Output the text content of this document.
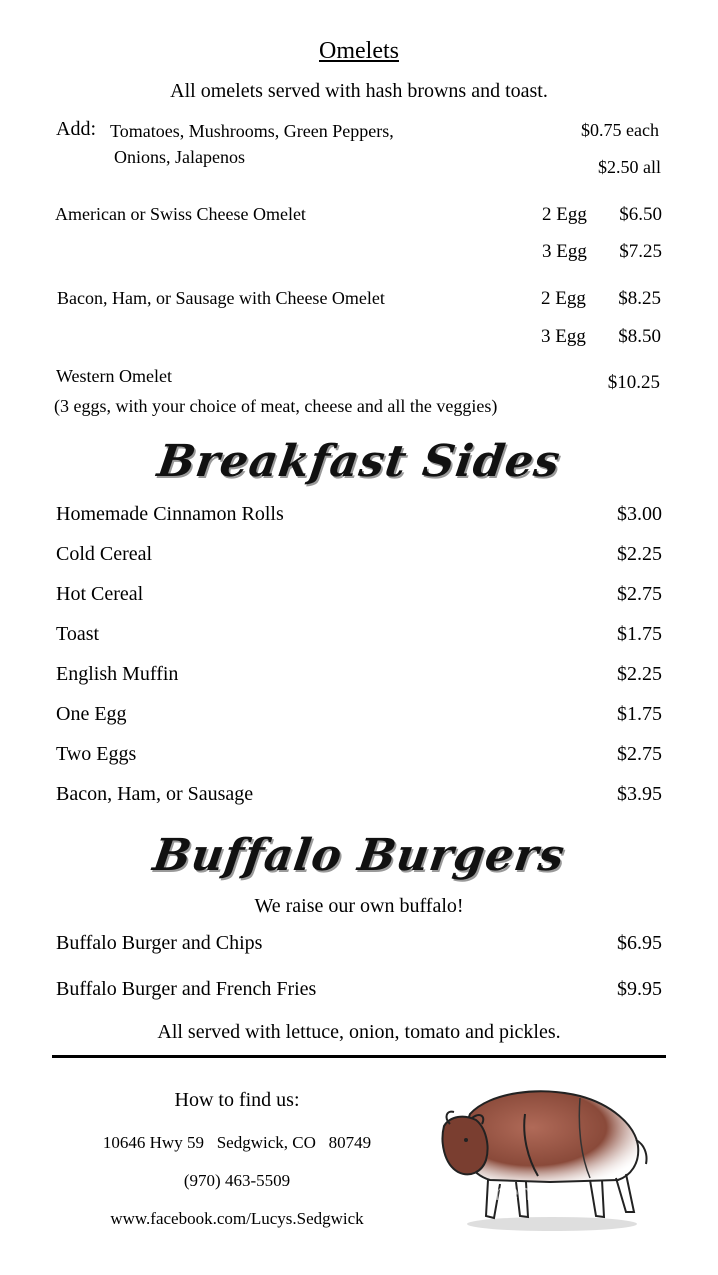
Omelets
All omelets served with hash browns and toast.
Add: Tomatoes, Mushrooms, Green Peppers,
Onions, Jalapenos
$0.75 each
$2.50 all
American or Swiss Cheese Omelet	2 Egg $6.50
3 Egg $7.25
Bacon, Ham, or Sausage with Cheese Omelet	2 Egg $8.25
3 Egg $8.50
Western Omelet	$10.25
(3 eggs, with your choice of meat, cheese and all the veggies)
Breakfast Sides
Homemade Cinnamon Rolls	$3.00
Cold Cereal	$2.25
Hot Cereal	$2.75
Toast	$1.75
English Muffin	$2.25
One Egg	$1.75
Two Eggs	$2.75
Bacon, Ham, or Sausage	$3.95
Buffalo Burgers
We raise our own buffalo!
Buffalo Burger and Chips	$6.95
Buffalo Burger and French Fries	$9.95
All served with lettuce, onion, tomato and pickles.
How to find us:
10646 Hwy 59   Sedgwick, CO   80749
(970) 463-5509
www.facebook.com/Lucys.Sedgwick
menupix
